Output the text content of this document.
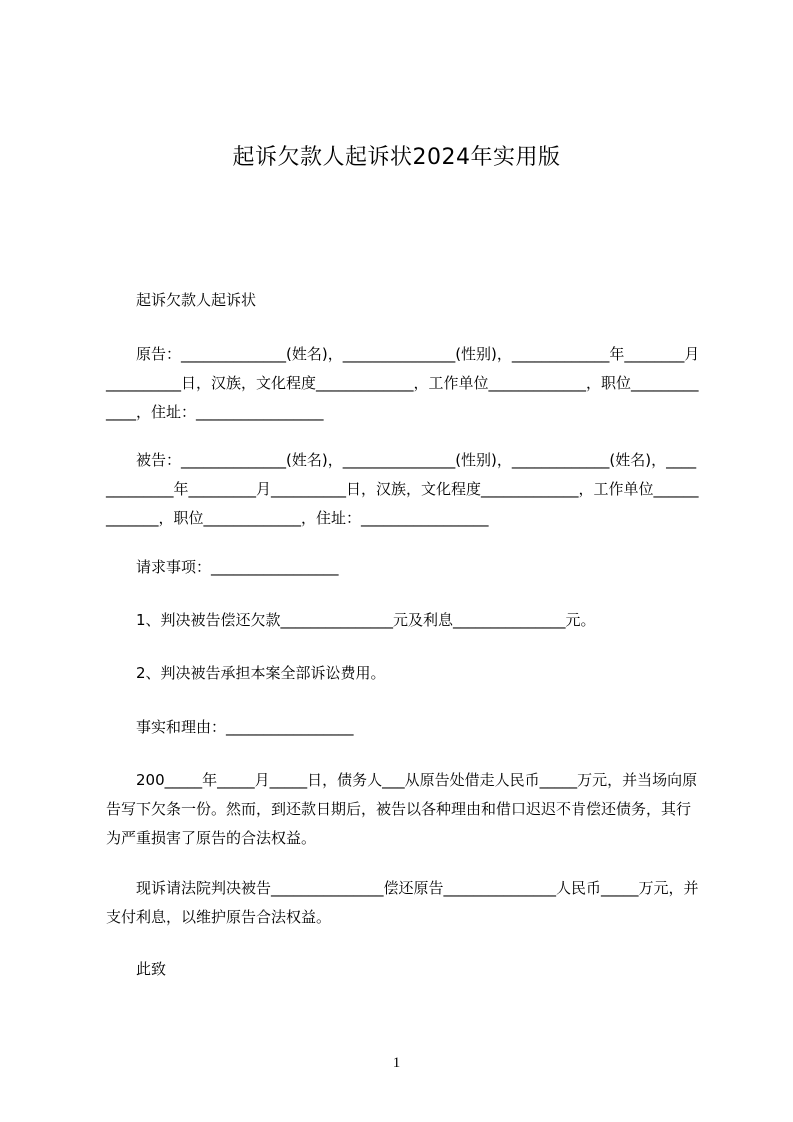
起诉欠款人起诉状2024年实用版
　　起诉欠款人起诉状
　　原告：______________(姓名)，_______________(性别)，_____________年________月__________日，汉族，文化程度_____________，工作单位_____________，职位_____________，住址：_________________
　　被告：______________(姓名)，_______________(性别)，_____________(姓名)，_____________年_________月__________日，汉族，文化程度_____________，工作单位_____________，职位_____________，住址：_________________
　　请求事项：_________________
　　1、判决被告偿还欠款_______________元及利息_______________元。
　　2、判决被告承担本案全部诉讼费用。
　　事实和理由：_________________
　　200_____年_____月_____日，债务人___从原告处借走人民币_____万元，并当场向原告写下欠条一份。然而，到还款日期后，被告以各种理由和借口迟迟不肯偿还债务，其行为严重损害了原告的合法权益。
　　现诉请法院判决被告_______________偿还原告_______________人民币_____万元，并支付利息，以维护原告合法权益。
　　此致
1
